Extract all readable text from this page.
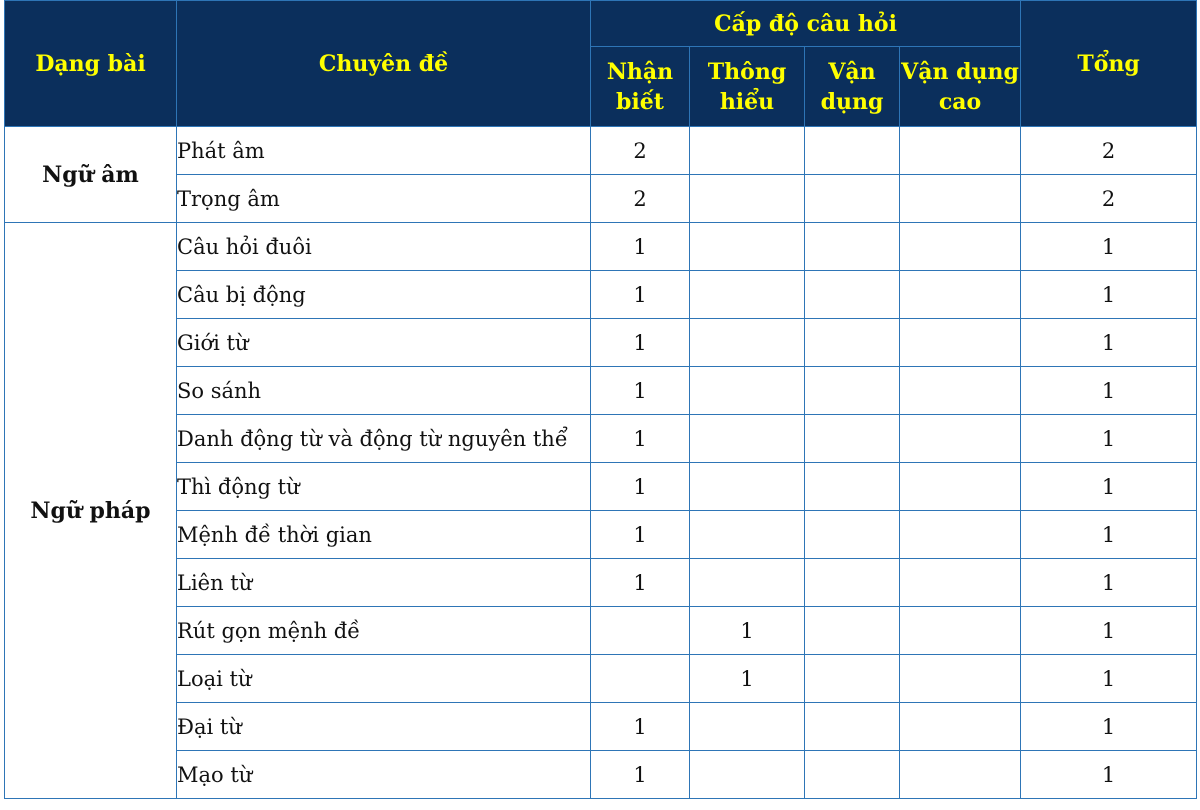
Dạng bài	Chuyên đề	Cấp độ câu hỏi				Tổng
		Nhận biết	Thông hiểu	Vận dụng	Vận dụng cao	
Ngữ âm	Phát âm	2				2
	Trọng âm	2				2
Ngữ pháp	Câu hỏi đuôi	1				1
	Câu bị động	1				1
	Giới từ	1				1
	So sánh	1				1
	Danh động từ và động từ nguyên thể	1				1
	Thì động từ	1				1
	Mệnh đề thời gian	1				1
	Liên từ	1				1
	Rút gọn mệnh đề		1			1
	Loại từ		1			1
	Đại từ	1				1
	Mạo từ	1				1
